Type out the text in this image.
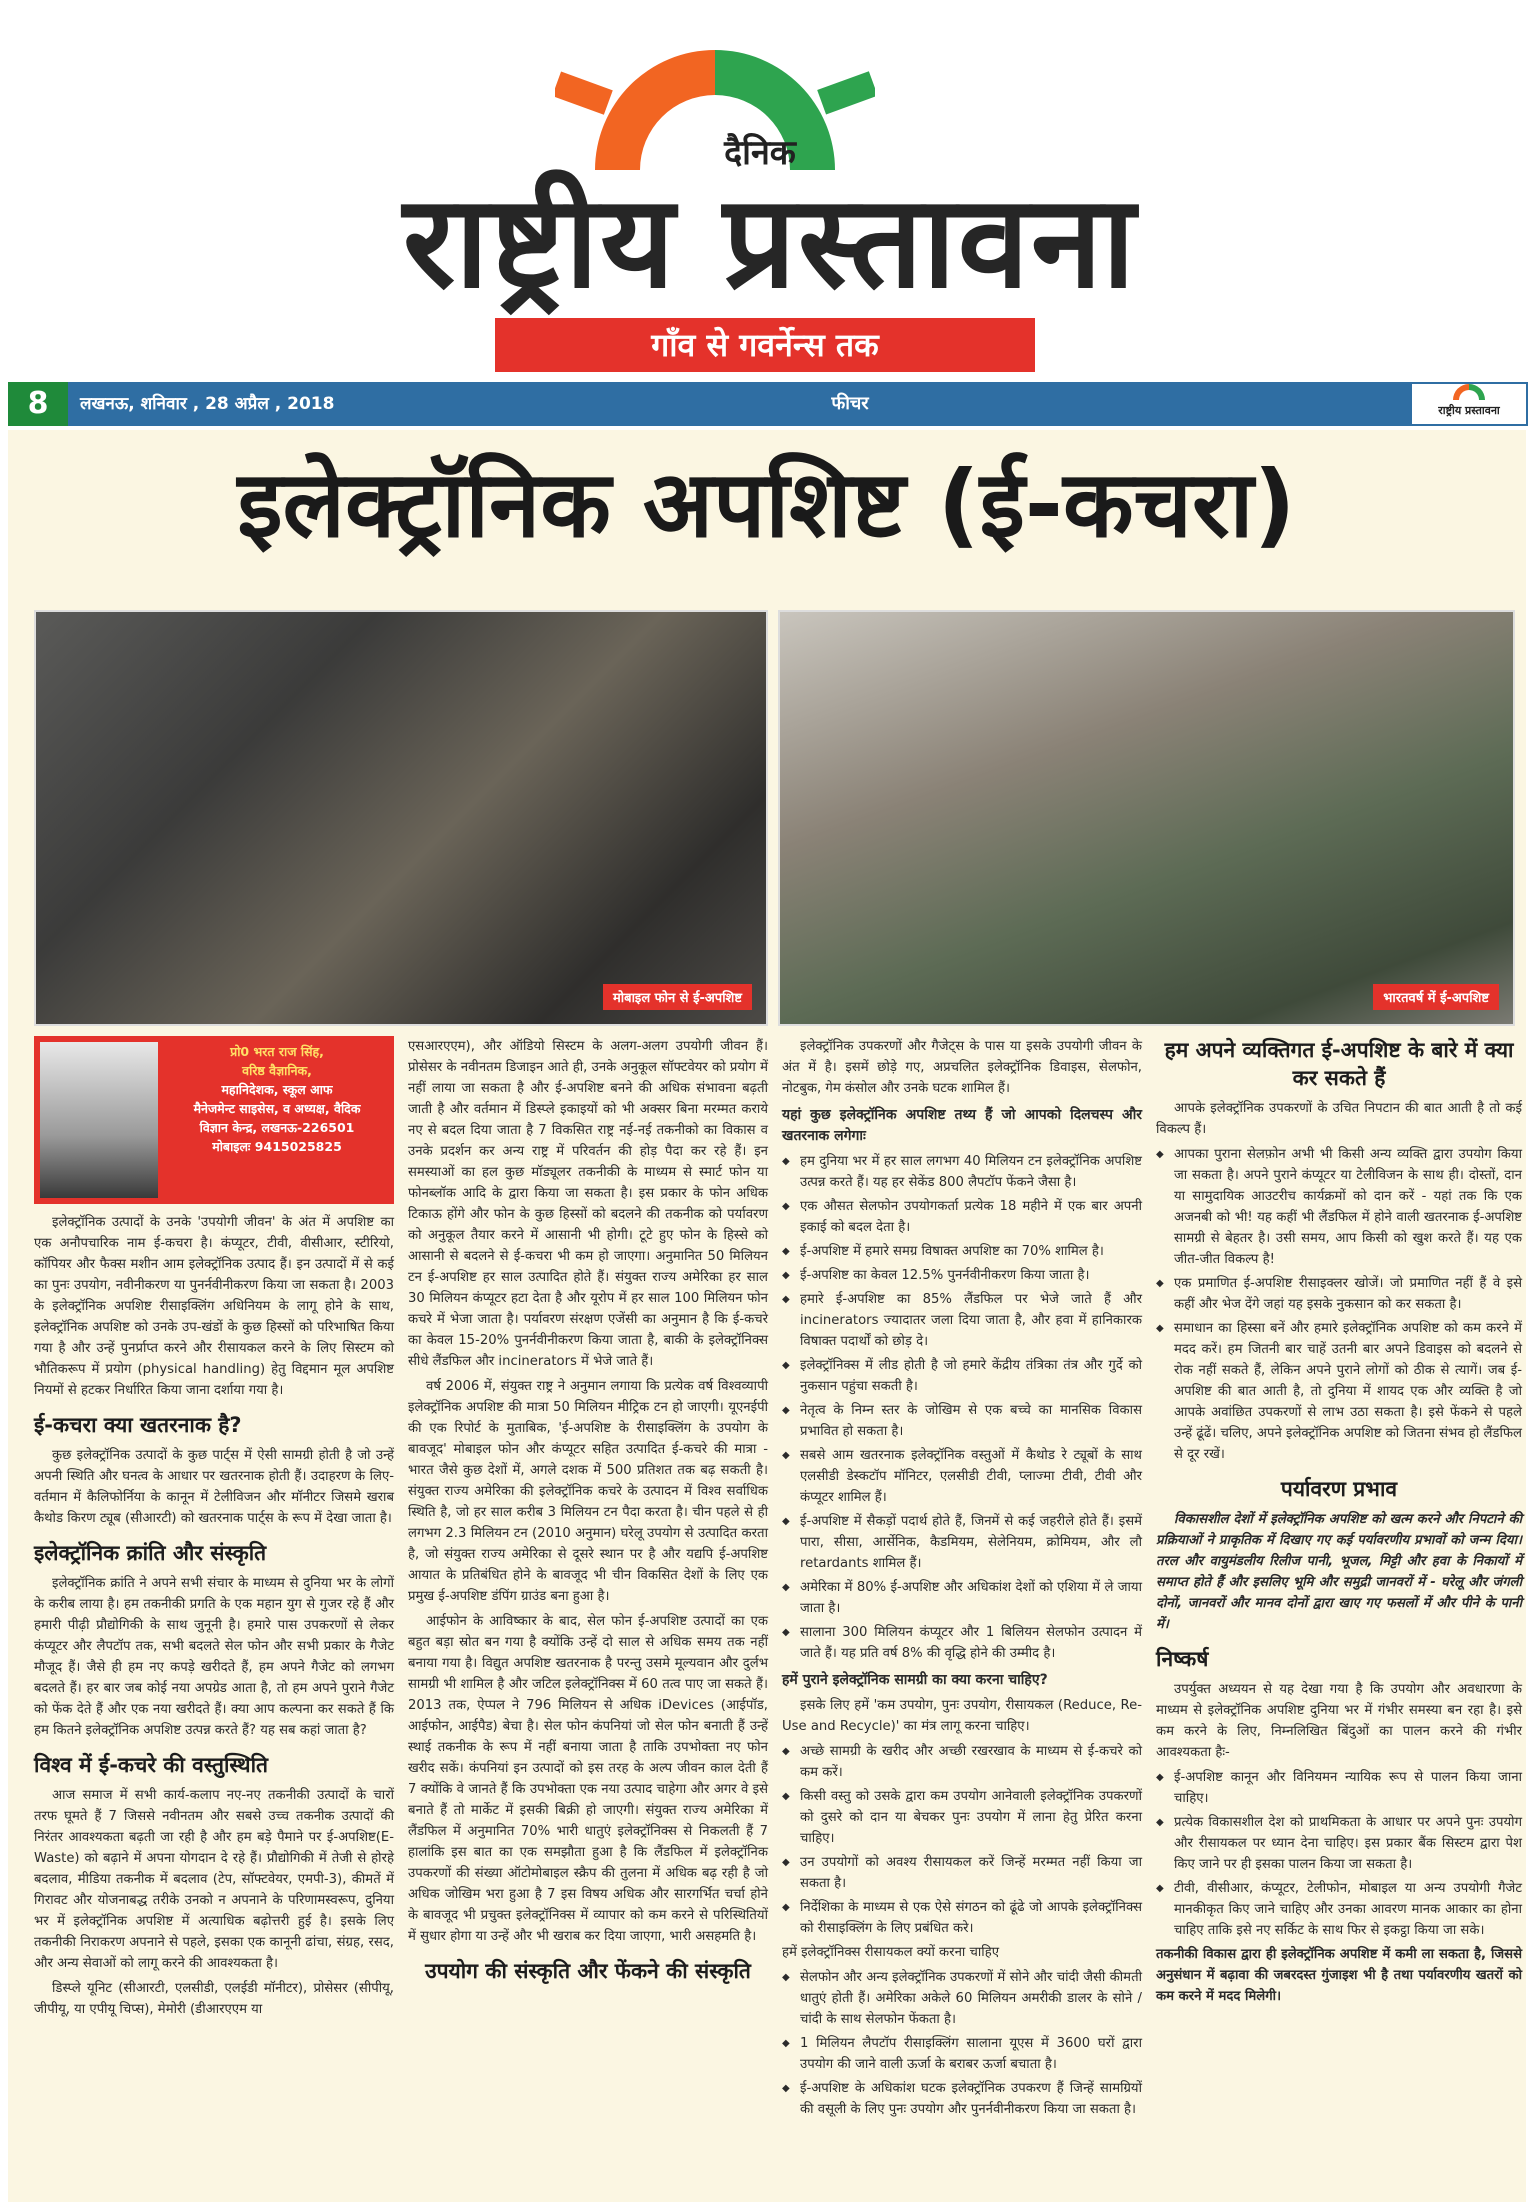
दैनिक
राष्ट्रीय प्रस्तावना
गाँव से गवर्नेन्स तक
8	लखनऊ, शनिवार , 28 अप्रैल , 2018	फीचर	राष्ट्रीय प्रस्तावना
इलेक्ट्रॉनिक अपशिष्ट (ई-कचरा)
मोबाइल फोन से ई-अपशिष्ट	भारतवर्ष में ई-अपशिष्ट
प्रो0 भरत राज सिंह,
वरिष्ठ वैज्ञानिक,
महानिदेशक, स्कूल आफ
मैनेजमेन्ट साइसेस, व अध्यक्ष, वैदिक
विज्ञान केन्द्र, लखनऊ-226501
मोबाइलः 9415025825

इलेक्ट्रॉनिक उत्पादों के उनके 'उपयोगी जीवन' के अंत में अपशिष्ट का एक अनौपचारिक नाम ई-कचरा है। कंप्यूटर, टीवी, वीसीआर, स्टीरियो, कॉपियर और फैक्स मशीन आम इलेक्ट्रॉनिक उत्पाद हैं। इन उत्पादों में से कई का पुनः उपयोग, नवीनीकरण या पुनर्नवीनीकरण किया जा सकता है। 2003 के इलेक्ट्रॉनिक अपशिष्ट रीसाइक्लिंग अधिनियम के लागू होने के साथ, इलेक्ट्रॉनिक अपशिष्ट को उनके उप-खंडों के कुछ हिस्सों को परिभाषित किया गया है और उन्हें पुनर्प्राप्त करने और रीसायकल करने के लिए सिस्टम को भौतिकरूप में प्रयोग (physical handling) हेतु विद्दमान मूल अपशिष्ट नियमों से हटकर निर्धारित किया जाना दर्शाया गया है।

ई-कचरा क्या खतरनाक है?

कुछ इलेक्ट्रॉनिक उत्पादों के कुछ पार्ट्स में ऐसी सामग्री होती है जो उन्हें अपनी स्थिति और घनत्व के आधार पर खतरनाक होती हैं। उदाहरण के लिए- वर्तमान में कैलिफोर्निया के कानून में टेलीविजन और मॉनीटर जिसमे खराब कैथोड किरण ट्यूब (सीआरटी) को खतरनाक पार्ट्स के रूप में देखा जाता है।

इलेक्ट्रॉनिक क्रांति और संस्कृति

इलेक्ट्रॉनिक क्रांति ने अपने सभी संचार के माध्यम से दुनिया भर के लोगों के करीब लाया है। हम तकनीकी प्रगति के एक महान युग से गुजर रहे हैं और हमारी पीढ़ी प्रौद्योगिकी के साथ जुनूनी है। हमारे पास उपकरणों से लेकर कंप्यूटर और लैपटॉप तक, सभी बदलते सेल फोन और सभी प्रकार के गैजेट मौजूद हैं। जैसे ही हम नए कपड़े खरीदते हैं, हम अपने गैजेट को लगभग बदलते हैं। हर बार जब कोई नया अपग्रेड आता है, तो हम अपने पुराने गैजेट को फेंक देते हैं और एक नया खरीदते हैं। क्या आप कल्पना कर सकते हैं कि हम कितने इलेक्ट्रॉनिक अपशिष्ट उत्पन्न करते हैं? यह सब कहां जाता है?

विश्व में ई-कचरे की वस्तुस्थिति

आज समाज में सभी कार्य-कलाप नए-नए तकनीकी उत्पादों के चारों तरफ घूमते हैं 7 जिससे नवीनतम और सबसे उच्च तकनीक उत्पादों की निरंतर आवश्यकता बढ़ती जा रही है और हम बड़े पैमाने पर ई-अपशिष्ट(E-Waste) को बढ़ाने में अपना योगदान दे रहे हैं। प्रौद्योगिकी में तेजी से होरहे बदलाव, मीडिया तकनीक में बदलाव (टेप, सॉफ्टवेयर, एमपी-3), कीमतें में गिरावट और योजनाबद्ध तरीके उनको न अपनाने के परिणामस्वरूप, दुनिया भर में इलेक्ट्रॉनिक अपशिष्ट में अत्याधिक बढ़ोत्तरी हुई है। इसके लिए तकनीकी निराकरण अपनाने से पहले, इसका एक कानूनी ढांचा, संग्रह, रसद, और अन्य सेवाओं को लागू करने की आवश्यकता है।

डिस्प्ले यूनिट (सीआरटी, एलसीडी, एलईडी मॉनीटर), प्रोसेसर (सीपीयू, जीपीयू, या एपीयू चिप्स), मेमोरी (डीआरएएम या

एसआरएएम), और ऑडियो सिस्टम के अलग-अलग उपयोगी जीवन हैं। प्रोसेसर के नवीनतम डिजाइन आते ही, उनके अनुकूल सॉफ्टवेयर को प्रयोग में नहीं लाया जा सकता है और ई-अपशिष्ट बनने की अधिक संभावना बढ़ती जाती है और वर्तमान में डिस्प्ले इकाइयों को भी अक्सर बिना मरम्मत कराये नए से बदल दिया जाता है 7 विकसित राष्ट्र नई-नई तकनीको का विकास व उनके प्रदर्शन कर अन्य राष्ट्र में परिवर्तन की होड़ पैदा कर रहे हैं। इन समस्याओं का हल कुछ मॉड्यूलर तकनीकी के माध्यम से स्मार्ट फोन या फोनब्लॉक आदि के द्वारा किया जा सकता है। इस प्रकार के फोन अधिक टिकाऊ होंगे और फोन के कुछ हिस्सों को बदलने की तकनीक को पर्यावरण को अनुकूल तैयार करने में आसानी भी होगी। टूटे हुए फोन के हिस्से को आसानी से बदलने से ई-कचरा भी कम हो जाएगा। अनुमानित 50 मिलियन टन ई-अपशिष्ट हर साल उत्पादित होते हैं। संयुक्त राज्य अमेरिका हर साल 30 मिलियन कंप्यूटर हटा देता है और यूरोप में हर साल 100 मिलियन फोन कचरे में भेजा जाता है। पर्यावरण संरक्षण एजेंसी का अनुमान है कि ई-कचरे का केवल 15-20% पुनर्नवीनीकरण किया जाता है, बाकी के इलेक्ट्रॉनिक्स सीधे लैंडफिल और incinerators में भेजे जाते हैं।

वर्ष 2006 में, संयुक्त राष्ट्र ने अनुमान लगाया कि प्रत्येक वर्ष विश्वव्यापी इलेक्ट्रॉनिक अपशिष्ट की मात्रा 50 मिलियन मीट्रिक टन हो जाएगी। यूएनईपी की एक रिपोर्ट के मुताबिक, 'ई-अपशिष्ट के रीसाइक्लिंग के उपयोग के बावजूद' मोबाइल फोन और कंप्यूटर सहित उत्पादित ई-कचरे की मात्रा - भारत जैसे कुछ देशों में, अगले दशक में 500 प्रतिशत तक बढ़ सकती है। संयुक्त राज्य अमेरिका की इलेक्ट्रॉनिक कचरे के उत्पादन में विश्व सर्वाधिक स्थिति है, जो हर साल करीब 3 मिलियन टन पैदा करता है। चीन पहले से ही लगभग 2.3 मिलियन टन (2010 अनुमान) घरेलू उपयोग से उत्पादित करता है, जो संयुक्त राज्य अमेरिका से दूसरे स्थान पर है और यद्यपि ई-अपशिष्ट आयात के प्रतिबंधित होने के बावजूद भी चीन विकसित देशों के लिए एक प्रमुख ई-अपशिष्ट डंपिंग ग्राउंड बना हुआ है।

आईफोन के आविष्कार के बाद, सेल फोन ई-अपशिष्ट उत्पादों का एक बहुत बड़ा स्रोत बन गया है क्योंकि उन्हें दो साल से अधिक समय तक नहीं बनाया गया है। विद्युत अपशिष्ट खतरनाक है परन्तु उसमे मूल्यवान और दुर्लभ सामग्री भी शामिल है और जटिल इलेक्ट्रॉनिक्स में 60 तत्व पाए जा सकते हैं। 2013 तक, ऐप्पल ने 796 मिलियन से अधिक iDevices (आईपॉड, आईफोन, आईपैड) बेचा है। सेल फोन कंपनियां जो सेल फोन बनाती हैं उन्हें स्थाई तकनीक के रूप में नहीं बनाया जाता है ताकि उपभोक्ता नए फोन खरीद सकें। कंपनियां इन उत्पादों को इस तरह के अल्प जीवन काल देती हैं 7 क्योंकि वे जानते हैं कि उपभोक्ता एक नया उत्पाद चाहेगा और अगर वे इसे बनाते हैं तो मार्केट में इसकी बिक्री हो जाएगी। संयुक्त राज्य अमेरिका में लैंडफिल में अनुमानित 70% भारी धातुएं इलेक्ट्रॉनिक्स से निकलती हैं 7 हालांकि इस बात का एक समझौता हुआ है कि लैंडफिल में इलेक्ट्रॉनिक उपकरणों की संख्या ऑटोमोबाइल स्क्रैप की तुलना में अधिक बढ़ रही है जो अधिक जोखिम भरा हुआ है 7 इस विषय अधिक और सारगर्भित चर्चा होने के बावजूद भी प्रचुक्त इलेक्ट्रॉनिक्स में व्यापार को कम करने से परिस्थितियों में सुधार होगा या उन्हें और भी खराब कर दिया जाएगा, भारी असहमति है।

उपयोग की संस्कृति और फेंकने की संस्कृति

इलेक्ट्रॉनिक उपकरणों और गैजेट्स के पास या इसके उपयोगी जीवन के अंत में है। इसमें छोड़े गए, अप्रचलित इलेक्ट्रॉनिक डिवाइस, सेलफोन, नोटबुक, गेम कंसोल और उनके घटक शामिल हैं।

यहां कुछ इलेक्ट्रॉनिक अपशिष्ट तथ्य हैं जो आपको दिलचस्प और खतरनाक लगेगाः
◆ हम दुनिया भर में हर साल लगभग 40 मिलियन टन इलेक्ट्रॉनिक अपशिष्ट उत्पन्न करते हैं। यह हर सेकेंड 800 लैपटॉप फेंकने जैसा है।
◆ एक औसत सेलफोन उपयोगकर्ता प्रत्येक 18 महीने में एक बार अपनी इकाई को बदल देता है।
◆ ई-अपशिष्ट में हमारे समग्र विषाक्त अपशिष्ट का 70% शामिल है।
◆ ई-अपशिष्ट का केवल 12.5% पुनर्नवीनीकरण किया जाता है।
◆ हमारे ई-अपशिष्ट का 85% लैंडफिल पर भेजे जाते हैं और incinerators ज्यादातर जला दिया जाता है, और हवा में हानिकारक विषाक्त पदार्थों को छोड़ दे।
◆ इलेक्ट्रॉनिक्स में लीड होती है जो हमारे केंद्रीय तंत्रिका तंत्र और गुर्दे को नुकसान पहुंचा सकती है।
◆ नेतृत्व के निम्न स्तर के जोखिम से एक बच्चे का मानसिक विकास प्रभावित हो सकता है।
◆ सबसे आम खतरनाक इलेक्ट्रॉनिक वस्तुओं में कैथोड रे ट्यूबों के साथ एलसीडी डेस्कटॉप मॉनिटर, एलसीडी टीवी, प्लाज्मा टीवी, टीवी और कंप्यूटर शामिल हैं।
◆ ई-अपशिष्ट में सैकड़ों पदार्थ होते हैं, जिनमें से कई जहरीले होते हैं। इसमें पारा, सीसा, आर्सेनिक, कैडमियम, सेलेनियम, क्रोमियम, और लौ retardants शामिल हैं।
◆ अमेरिका में 80% ई-अपशिष्ट और अधिकांश देशों को एशिया में ले जाया जाता है।
◆ सालाना 300 मिलियन कंप्यूटर और 1 बिलियन सेलफोन उत्पादन में जाते हैं। यह प्रति वर्ष 8% की वृद्धि होने की उम्मीद है।
हमें पुराने इलेक्ट्रॉनिक सामग्री का क्या करना चाहिए?

इसके लिए हमें 'कम उपयोग, पुनः उपयोग, रीसायकल (Reduce, Re-Use and Recycle)' का मंत्र लागू करना चाहिए।

◆ अच्छे सामग्री के खरीद और अच्छी रखरखाव के माध्यम से ई-कचरे को कम करें।
◆ किसी वस्तु को उसके द्वारा कम उपयोग आनेवाली इलेक्ट्रॉनिक उपकरणों को दुसरे को दान या बेचकर पुनः उपयोग में लाना हेतु प्रेरित करना चाहिए।
◆ उन उपयोगों को अवश्य रीसायकल करें जिन्हें मरम्मत नहीं किया जा सकता है।
◆ निर्देशिका के माध्यम से एक ऐसे संगठन को ढूंढे जो आपके इलेक्ट्रॉनिक्स को रीसाइक्लिंग के लिए प्रबंधित करे।

हमें इलेक्ट्रॉनिक्स रीसायकल क्यों करना चाहिए

◆ सेलफोन और अन्य इलेक्ट्रॉनिक उपकरणों में सोने और चांदी जैसी कीमती धातुएं होती हैं। अमेरिका अकेले 60 मिलियन अमरीकी डालर के सोने / चांदी के साथ सेलफोन फेंकता है।
◆ 1 मिलियन लैपटॉप रीसाइक्लिंग सालाना यूएस में 3600 घरों द्वारा उपयोग की जाने वाली ऊर्जा के बराबर ऊर्जा बचाता है।
◆ ई-अपशिष्ट के अधिकांश घटक इलेक्ट्रॉनिक उपकरण हैं जिन्हें सामग्रियों की वसूली के लिए पुनः उपयोग और पुनर्नवीनीकरण किया जा सकता है।
हम अपने व्यक्तिगत ई-अपशिष्ट के बारे में क्या कर सकते हैं

आपके इलेक्ट्रॉनिक उपकरणों के उचित निपटान की बात आती है तो कई विकल्प हैं।

◆ आपका पुराना सेलफ़ोन अभी भी किसी अन्य व्यक्ति द्वारा उपयोग किया जा सकता है। अपने पुराने कंप्यूटर या टेलीविजन के साथ ही। दोस्तों, दान या सामुदायिक आउटरीच कार्यक्रमों को दान करें - यहां तक कि एक अजनबी को भी! यह कहीं भी लैंडफिल में होने वाली खतरनाक ई-अपशिष्ट सामग्री से बेहतर है। उसी समय, आप किसी को खुश करते हैं। यह एक जीत-जीत विकल्प है!
◆ एक प्रमाणित ई-अपशिष्ट रीसाइक्लर खोजें। जो प्रमाणित नहीं हैं वे इसे कहीं और भेज देंगे जहां यह इसके नुकसान को कर सकता है।
◆ समाधान का हिस्सा बनें और हमारे इलेक्ट्रॉनिक अपशिष्ट को कम करने में मदद करें। हम जितनी बार चाहें उतनी बार अपने डिवाइस को बदलने से रोक नहीं सकते हैं, लेकिन अपने पुराने लोगों को ठीक से त्यागें। जब ई-अपशिष्ट की बात आती है, तो दुनिया में शायद एक और व्यक्ति है जो आपके अवांछित उपकरणों से लाभ उठा सकता है। इसे फेंकने से पहले उन्हें ढूंढें। चलिए, अपने इलेक्ट्रॉनिक अपशिष्ट को जितना संभव हो लैंडफिल से दूर रखें।
पर्यावरण प्रभाव

विकासशील देशों में इलेक्ट्रॉनिक अपशिष्ट को खत्म करने और निपटाने की प्रक्रियाओं ने प्राकृतिक में दिखाए गए कई पर्यावरणीय प्रभावों को जन्म दिया। तरल और वायुमंडलीय रिलीज पानी, भूजल, मिट्टी और हवा के निकायों में समाप्त होते हैं और इसलिए भूमि और समुद्री जानवरों में - घरेलू और जंगली दोनों, जानवरों और मानव दोनों द्वारा खाए गए फसलों में और पीने के पानी में।

निष्कर्ष

उपर्युक्त अध्ययन से यह देखा गया है कि उपयोग और अवधारणा के माध्यम से इलेक्ट्रॉनिक अपशिष्ट दुनिया भर में गंभीर समस्या बन रहा है। इसे कम करने के लिए, निम्नलिखित बिंदुओं का पालन करने की गंभीर आवश्यकता हैः-

◆ ई-अपशिष्ट कानून और विनियमन न्यायिक रूप से पालन किया जाना चाहिए।
◆ प्रत्येक विकासशील देश को प्राथमिकता के आधार पर अपने पुनः उपयोग और रीसायकल पर ध्यान देना चाहिए। इस प्रकार बैंक सिस्टम द्वारा पेश किए जाने पर ही इसका पालन किया जा सकता है।
◆ टीवी, वीसीआर, कंप्यूटर, टेलीफोन, मोबाइल या अन्य उपयोगी गैजेट मानकीकृत किए जाने चाहिए और उनका आवरण मानक आकार का होना चाहिए ताकि इसे नए सर्किट के साथ फिर से इकट्ठा किया जा सके।

तकनीकी विकास द्वारा ही इलेक्ट्रॉनिक अपशिष्ट में कमी ला सकता है, जिससे अनुसंधान में बढ़ावा की जबरदस्त गुंजाइश भी है तथा पर्यावरणीय खतरों को कम करने में मदद मिलेगी।
